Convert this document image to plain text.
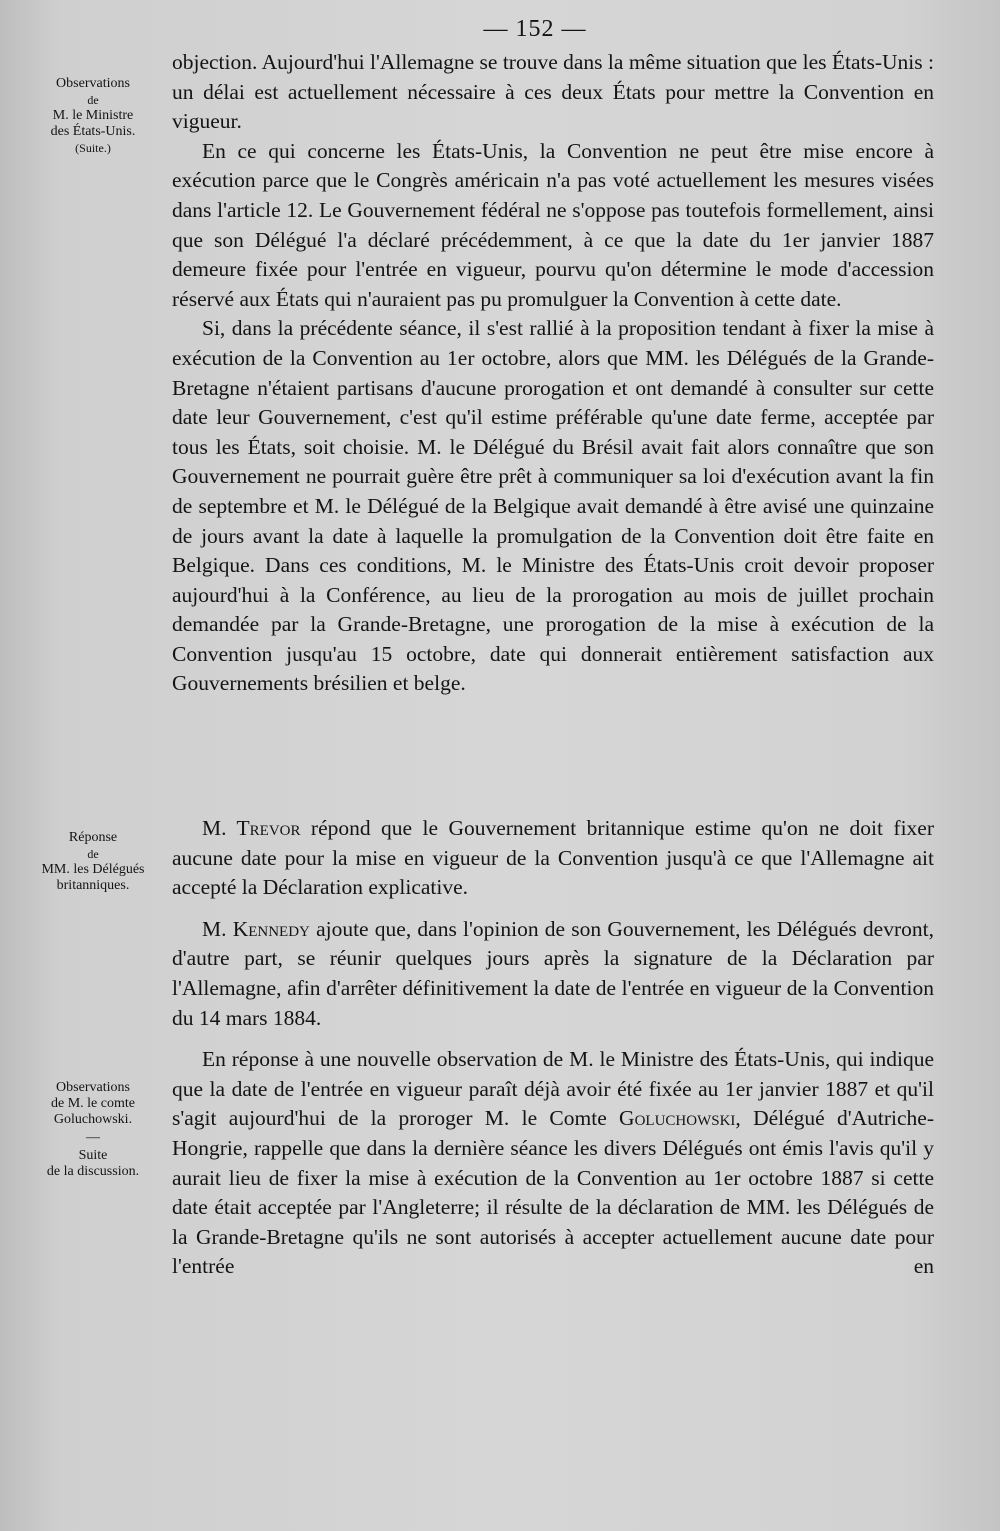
— 152 —
Observations
de
M. le Ministre
des États-Unis.
(Suite.)
Réponse
de
MM. les Délégués
britanniques.
Observations
de M. le comte
Goluchowski.
—
Suite
de la discussion.

objection. Aujourd'hui l'Allemagne se trouve dans la même situation que les États-Unis : un délai est actuellement nécessaire à ces deux États pour mettre la Convention en vigueur.

En ce qui concerne les États-Unis, la Convention ne peut être mise encore à exécution parce que le Congrès américain n'a pas voté actuellement les mesures visées dans l'article 12. Le Gouvernement fédéral ne s'oppose pas toutefois formellement, ainsi que son Délégué l'a déclaré précédemment, à ce que la date du 1er janvier 1887 demeure fixée pour l'entrée en vigueur, pourvu qu'on détermine le mode d'accession réservé aux États qui n'auraient pas pu promulguer la Convention à cette date.

Si, dans la précédente séance, il s'est rallié à la proposition tendant à fixer la mise à exécution de la Convention au 1er octobre, alors que MM. les Délégués de la Grande-Bretagne n'étaient partisans d'aucune prorogation et ont demandé à consulter sur cette date leur Gouvernement, c'est qu'il estime préférable qu'une date ferme, acceptée par tous les États, soit choisie. M. le Délégué du Brésil avait fait alors connaître que son Gouvernement ne pourrait guère être prêt à communiquer sa loi d'exécution avant la fin de septembre et M. le Délégué de la Belgique avait demandé à être avisé une quinzaine de jours avant la date à laquelle la promulgation de la Convention doit être faite en Belgique. Dans ces conditions, M. le Ministre des États-Unis croit devoir proposer aujourd'hui à la Conférence, au lieu de la prorogation au mois de juillet prochain demandée par la Grande-Bretagne, une prorogation de la mise à exécution de la Convention jusqu'au 15 octobre, date qui donnerait entièrement satisfaction aux Gouvernements brésilien et belge.

M. Trevor répond que le Gouvernement britannique estime qu'on ne doit fixer aucune date pour la mise en vigueur de la Convention jusqu'à ce que l'Allemagne ait accepté la Déclaration explicative.

M. Kennedy ajoute que, dans l'opinion de son Gouvernement, les Délégués devront, d'autre part, se réunir quelques jours après la signature de la Déclaration par l'Allemagne, afin d'arrêter définitivement la date de l'entrée en vigueur de la Convention du 14 mars 1884.

En réponse à une nouvelle observation de M. le Ministre des États-Unis, qui indique que la date de l'entrée en vigueur paraît déjà avoir été fixée au 1er janvier 1887 et qu'il s'agit aujourd'hui de la proroger M. le Comte Goluchowski, Délégué d'Autriche-Hongrie, rappelle que dans la dernière séance les divers Délégués ont émis l'avis qu'il y aurait lieu de fixer la mise à exécution de la Convention au 1er octobre 1887 si cette date était acceptée par l'Angleterre; il résulte de la déclaration de MM. les Délégués de la Grande-Bretagne qu'ils ne sont autorisés à accepter actuellement aucune date pour l'entrée en
